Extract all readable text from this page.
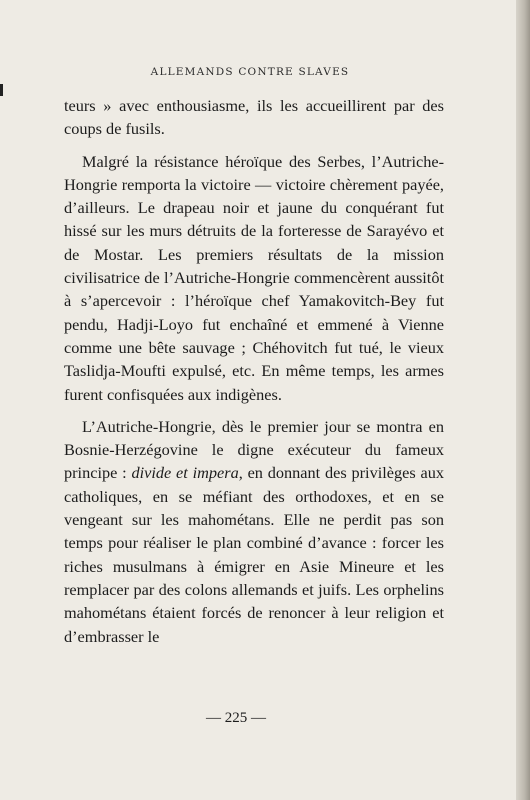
ALLEMANDS CONTRE SLAVES

teurs » avec enthousiasme, ils les accueillirent par des coups de fusils.

Malgré la résistance héroïque des Serbes, l’Autriche-Hongrie remporta la victoire — victoire chèrement payée, d’ailleurs. Le drapeau noir et jaune du conquérant fut hissé sur les murs détruits de la forteresse de Sarayévo et de Mostar. Les premiers résultats de la mission civilisatrice de l’Autriche-Hongrie commencèrent aussitôt à s’apercevoir : l’héroïque chef Yamakovitch-Bey fut pendu, Hadji-Loyo fut enchaîné et emmené à Vienne comme une bête sauvage ; Chéhovitch fut tué, le vieux Taslidja-Moufti expulsé, etc. En même temps, les armes furent confisquées aux indigènes.

L’Autriche-Hongrie, dès le premier jour se montra en Bosnie-Herzégovine le digne exécuteur du fameux principe : divide et impera, en donnant des privilèges aux catholiques, en se méfiant des orthodoxes, et en se vengeant sur les mahométans. Elle ne perdit pas son temps pour réaliser le plan combiné d’avance : forcer les riches musulmans à émigrer en Asie Mineure et les remplacer par des colons allemands et juifs. Les orphelins mahométans étaient forcés de renoncer à leur religion et d’embrasser le

— 225 —
